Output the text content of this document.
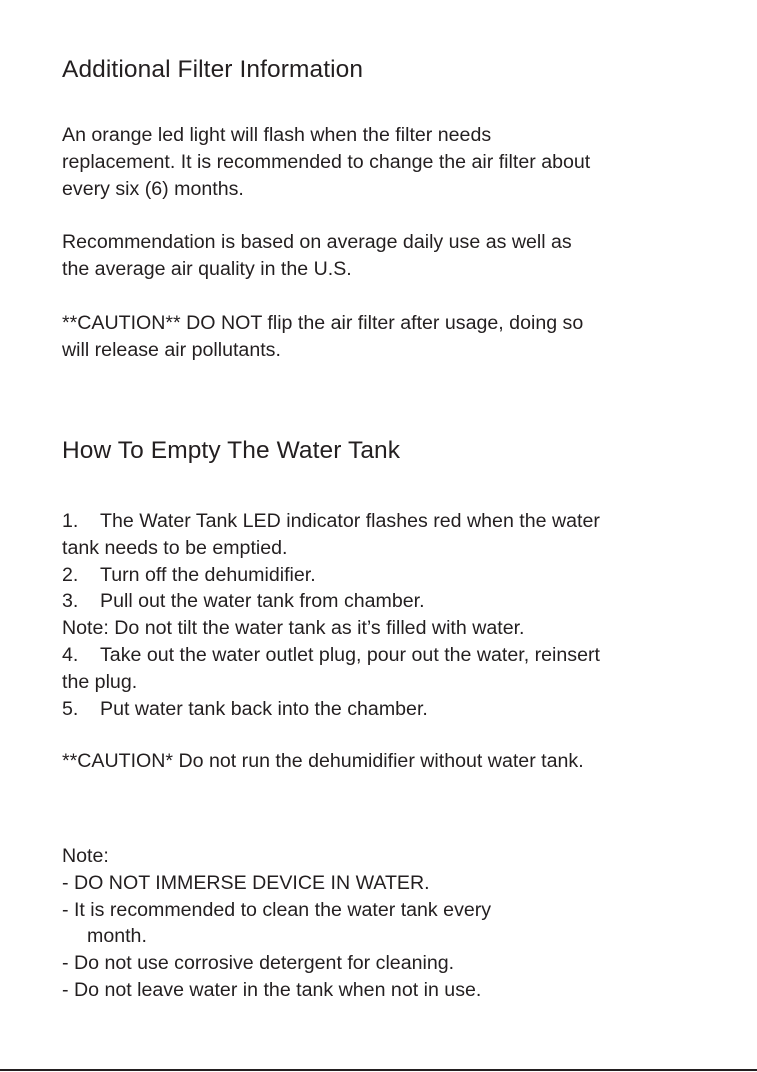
Additional Filter Information
An orange led light will flash when the filter needs
replacement. It is recommended to change the air filter about
every six (6) months.
Recommendation is based on average daily use as well as
the average air quality in the U.S.
**CAUTION** DO NOT flip the air filter after usage, doing so
will release air pollutants.
How To Empty The Water Tank
1. The Water Tank LED indicator flashes red when the water
tank needs to be emptied.
2. Turn off the dehumidifier.
3. Pull out the water tank from chamber.
Note: Do not tilt the water tank as it’s filled with water.
4. Take out the water outlet plug, pour out the water, reinsert
the plug.
5. Put water tank back into the chamber.
**CAUTION* Do not run the dehumidifier without water tank.
Note:
- DO NOT IMMERSE DEVICE IN WATER.
- It is recommended to clean the water tank every
month.
- Do not use corrosive detergent for cleaning.
- Do not leave water in the tank when not in use.
